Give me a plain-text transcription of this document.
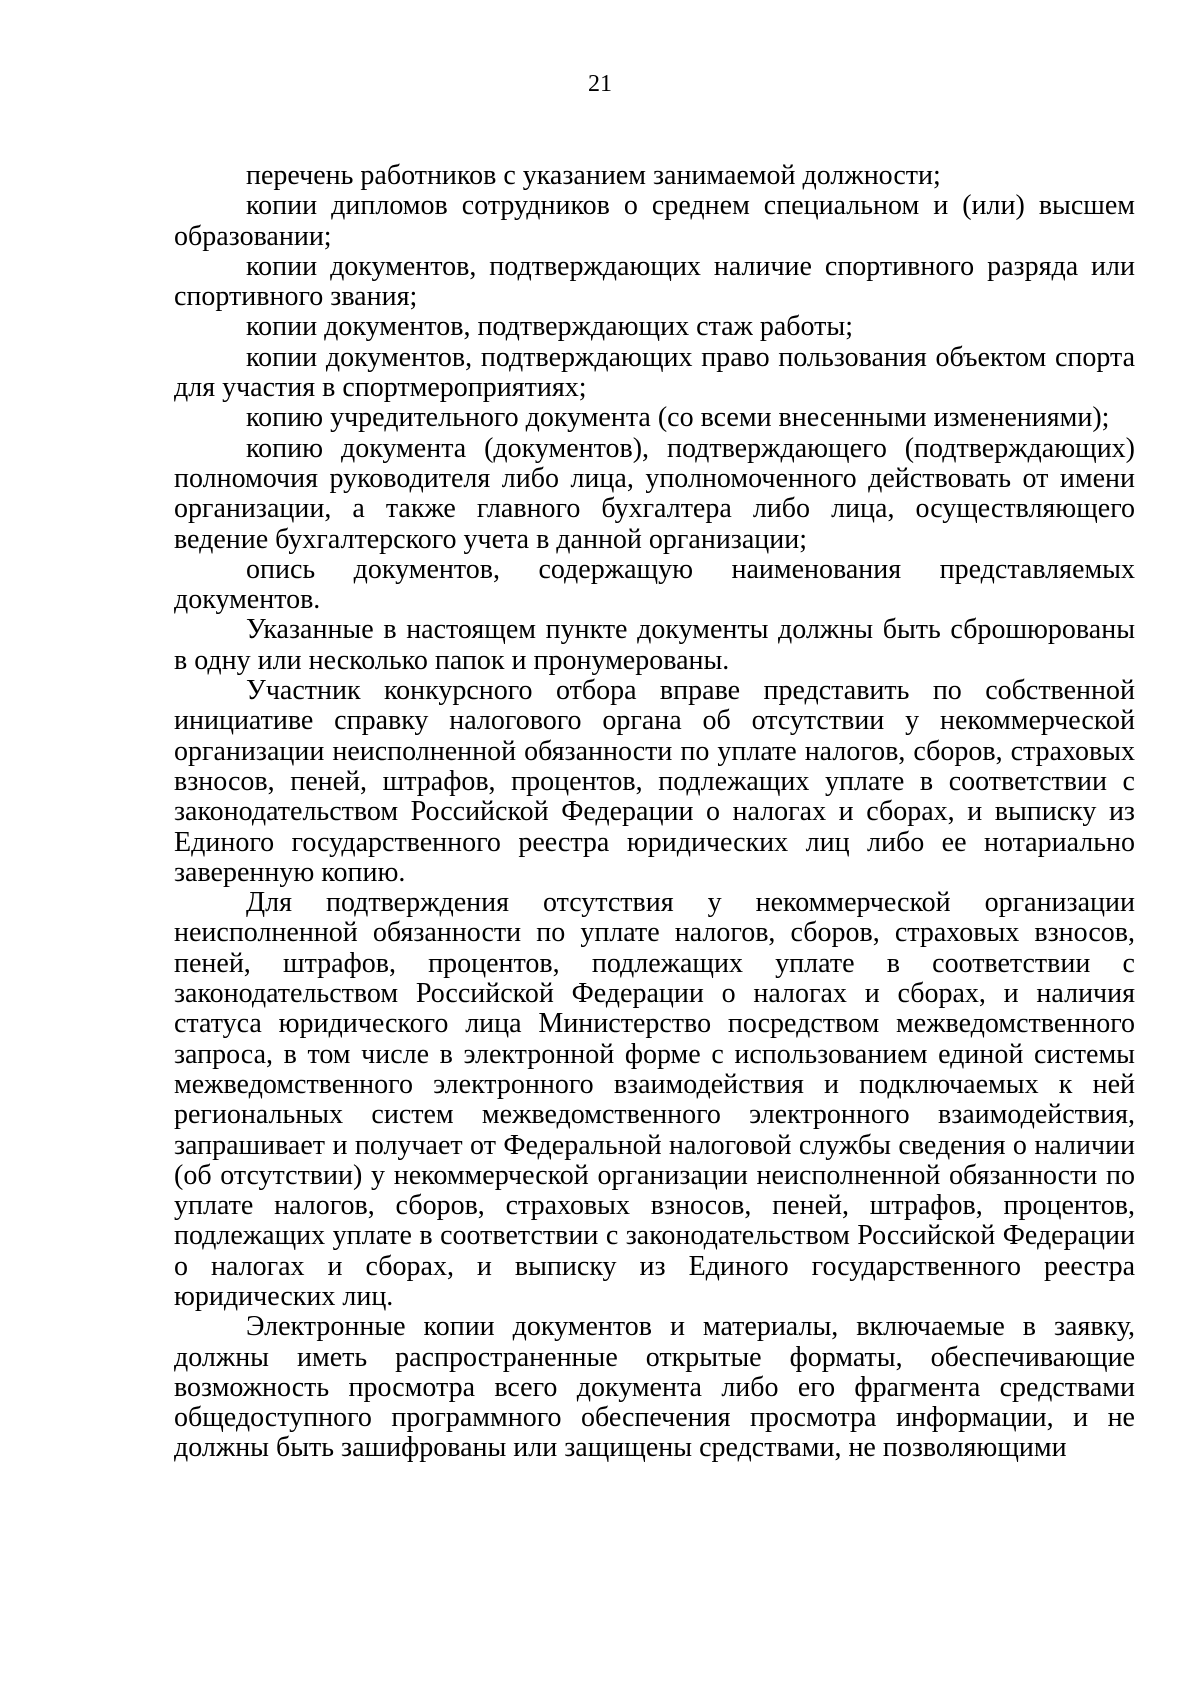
21

перечень работников с указанием занимаемой должности;

копии дипломов сотрудников о среднем специальном и (или) высшем образовании;

копии документов, подтверждающих наличие спортивного разряда или спортивного звания;

копии документов, подтверждающих стаж работы;

копии документов, подтверждающих право пользования объектом спорта для участия в спортмероприятиях;

копию учредительного документа (со всеми внесенными изменениями);

копию документа (документов), подтверждающего (подтверждающих) полномочия руководителя либо лица, уполномоченного действовать от имени организации, а также главного бухгалтера либо лица, осуществляющего ведение бухгалтерского учета в данной организации;

опись документов, содержащую наименования представляемых документов.

Указанные в настоящем пункте документы должны быть сброшюрованы в одну или несколько папок и пронумерованы.

Участник конкурсного отбора вправе представить по собственной инициативе справку налогового органа об отсутствии у некоммерческой организации неисполненной обязанности по уплате налогов, сборов, страховых взносов, пеней, штрафов, процентов, подлежащих уплате в соответствии с законодательством Российской Федерации о налогах и сборах, и выписку из Единого государственного реестра юридических лиц либо ее нотариально заверенную копию.

Для подтверждения отсутствия у некоммерческой организации неисполненной обязанности по уплате налогов, сборов, страховых взносов, пеней, штрафов, процентов, подлежащих уплате в соответствии с законодательством Российской Федерации о налогах и сборах, и наличия статуса юридического лица Министерство посредством межведомственного запроса, в том числе в электронной форме с использованием единой системы межведомственного электронного взаимодействия и подключаемых к ней региональных систем межведомственного электронного взаимодействия, запрашивает и получает от Федеральной налоговой службы сведения о наличии (об отсутствии) у некоммерческой организации неисполненной обязанности по уплате налогов, сборов, страховых взносов, пеней, штрафов, процентов, подлежащих уплате в соответствии с законодательством Российской Федерации о налогах и сборах, и выписку из Единого государственного реестра юридических лиц.

Электронные копии документов и материалы, включаемые в заявку, должны иметь распространенные открытые форматы, обеспечивающие возможность просмотра всего документа либо его фрагмента средствами общедоступного программного обеспечения просмотра информации, и не должны быть зашифрованы или защищены средствами, не позволяющими
